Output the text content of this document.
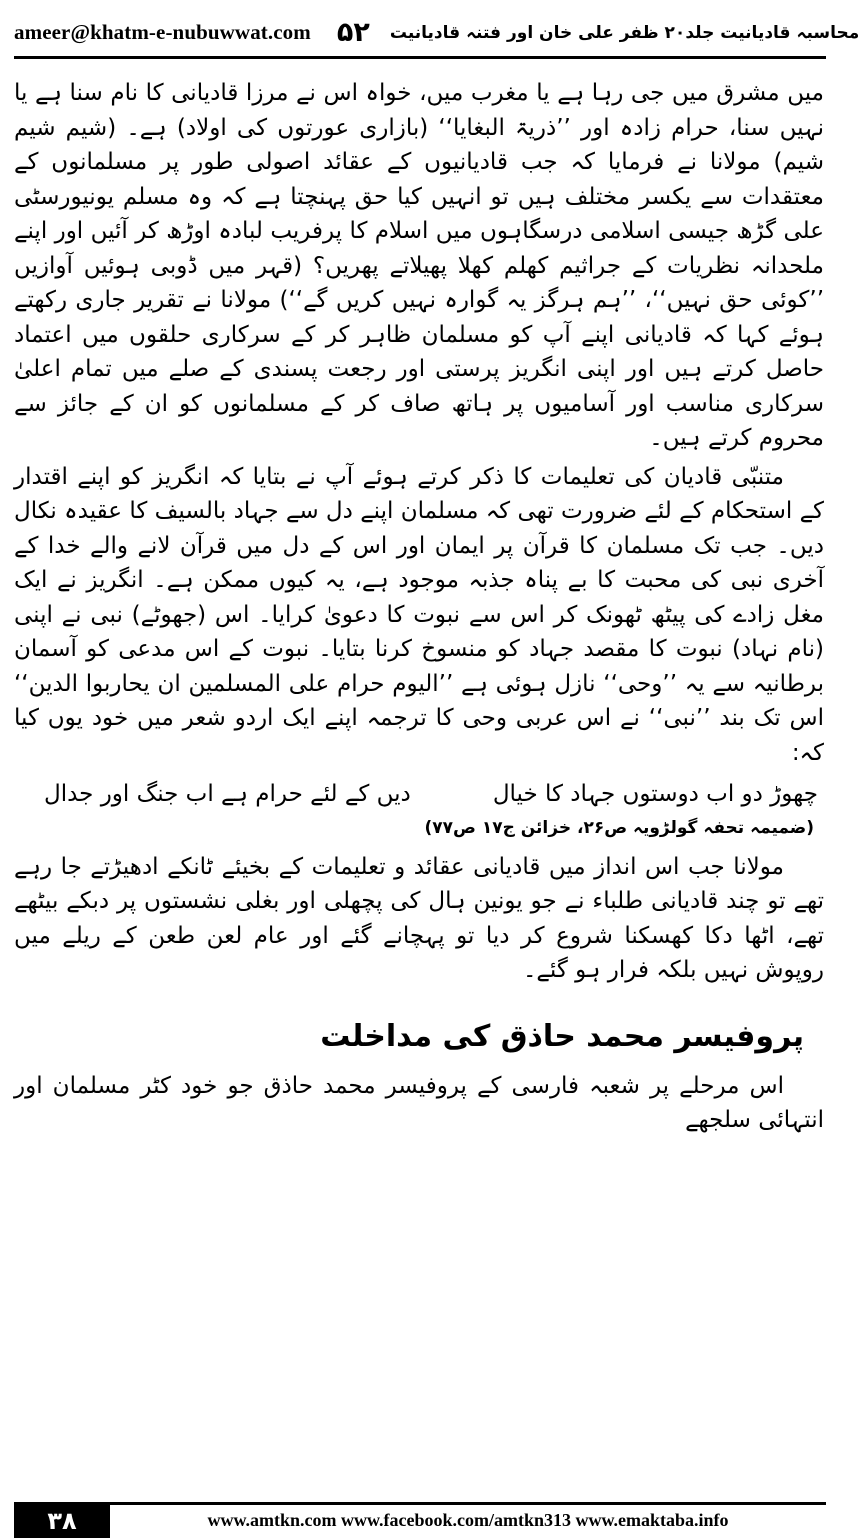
ameer@khatm-e-nubuwwat.com ۵۲ محاسبہ قادیانیت جلد۲۰ ظفر علی خان اور فتنہ قادیانیت

میں مشرق میں جی رہا ہے یا مغرب میں، خواہ اس نے مرزا قادیانی کا نام سنا ہے یا نہیں سنا، حرام زادہ اور ’’ذریۃ البغایا‘‘ (بازاری عورتوں کی اولاد) ہے۔ (شیم شیم شیم) مولانا نے فرمایا کہ جب قادیانیوں کے عقائد اصولی طور پر مسلمانوں کے معتقدات سے یکسر مختلف ہیں تو انہیں کیا حق پہنچتا ہے کہ وہ مسلم یونیورسٹی علی گڑھ جیسی اسلامی درسگاہوں میں اسلام کا پرفریب لبادہ اوڑھ کر آئیں اور اپنے ملحدانہ نظریات کے جراثیم کھلم کھلا پھیلاتے پھریں؟ (قہر میں ڈوبی ہوئیں آوازیں ’’کوئی حق نہیں‘‘، ’’ہم ہرگز یہ گوارہ نہیں کریں گے‘‘) مولانا نے تقریر جاری رکھتے ہوئے کہا کہ قادیانی اپنے آپ کو مسلمان ظاہر کر کے سرکاری حلقوں میں اعتماد حاصل کرتے ہیں اور اپنی انگریز پرستی اور رجعت پسندی کے صلے میں تمام اعلیٰ سرکاری مناسب اور آسامیوں پر ہاتھ صاف کر کے مسلمانوں کو ان کے جائز سے محروم کرتے ہیں۔

متنبّی قادیان کی تعلیمات کا ذکر کرتے ہوئے آپ نے بتایا کہ انگریز کو اپنے اقتدار کے استحکام کے لئے ضرورت تھی کہ مسلمان اپنے دل سے جہاد بالسیف کا عقیدہ نکال دیں۔ جب تک مسلمان کا قرآن پر ایمان اور اس کے دل میں قرآن لانے والے خدا کے آخری نبی کی محبت کا بے پناہ جذبہ موجود ہے، یہ کیوں ممکن ہے۔ انگریز نے ایک مغل زادے کی پیٹھ ٹھونک کر اس سے نبوت کا دعویٰ کرایا۔ اس (جھوٹے) نبی نے اپنی (نام نہاد) نبوت کا مقصد جہاد کو منسوخ کرنا بتایا۔ نبوت کے اس مدعی کو آسمان برطانیہ سے یہ ’’وحی‘‘ نازل ہوئی ہے ’’الیوم حرام علی المسلمین ان یحاربوا الدین‘‘ اس تک بند ’’نبی‘‘ نے اس عربی وحی کا ترجمہ اپنے ایک اردو شعر میں خود یوں کیا کہ:

چھوڑ دو اب دوستوں جہاد کا خیال
دیں کے لئے حرام ہے اب جنگ اور جدال
(ضمیمہ تحفہ گولڑویہ ص۲۶، خزائن ج۱۷ ص۷۷)

مولانا جب اس انداز میں قادیانی عقائد و تعلیمات کے بخیئے ٹانکے ادھیڑتے جا رہے تھے تو چند قادیانی طلباء نے جو یونین ہال کی پچھلی اور بغلی نشستوں پر دبکے بیٹھے تھے، اٹھا دکا کھسکنا شروع کر دیا تو پہچانے گئے اور عام لعن طعن کے ریلے میں روپوش نہیں بلکہ فرار ہو گئے۔

پروفیسر محمد حاذق کی مداخلت

اس مرحلے پر شعبہ فارسی کے پروفیسر محمد حاذق جو خود کٹر مسلمان اور انتہائی سلجھے

۳۸	www.amtkn.com www.facebook.com/amtkn313 www.emaktaba.info
